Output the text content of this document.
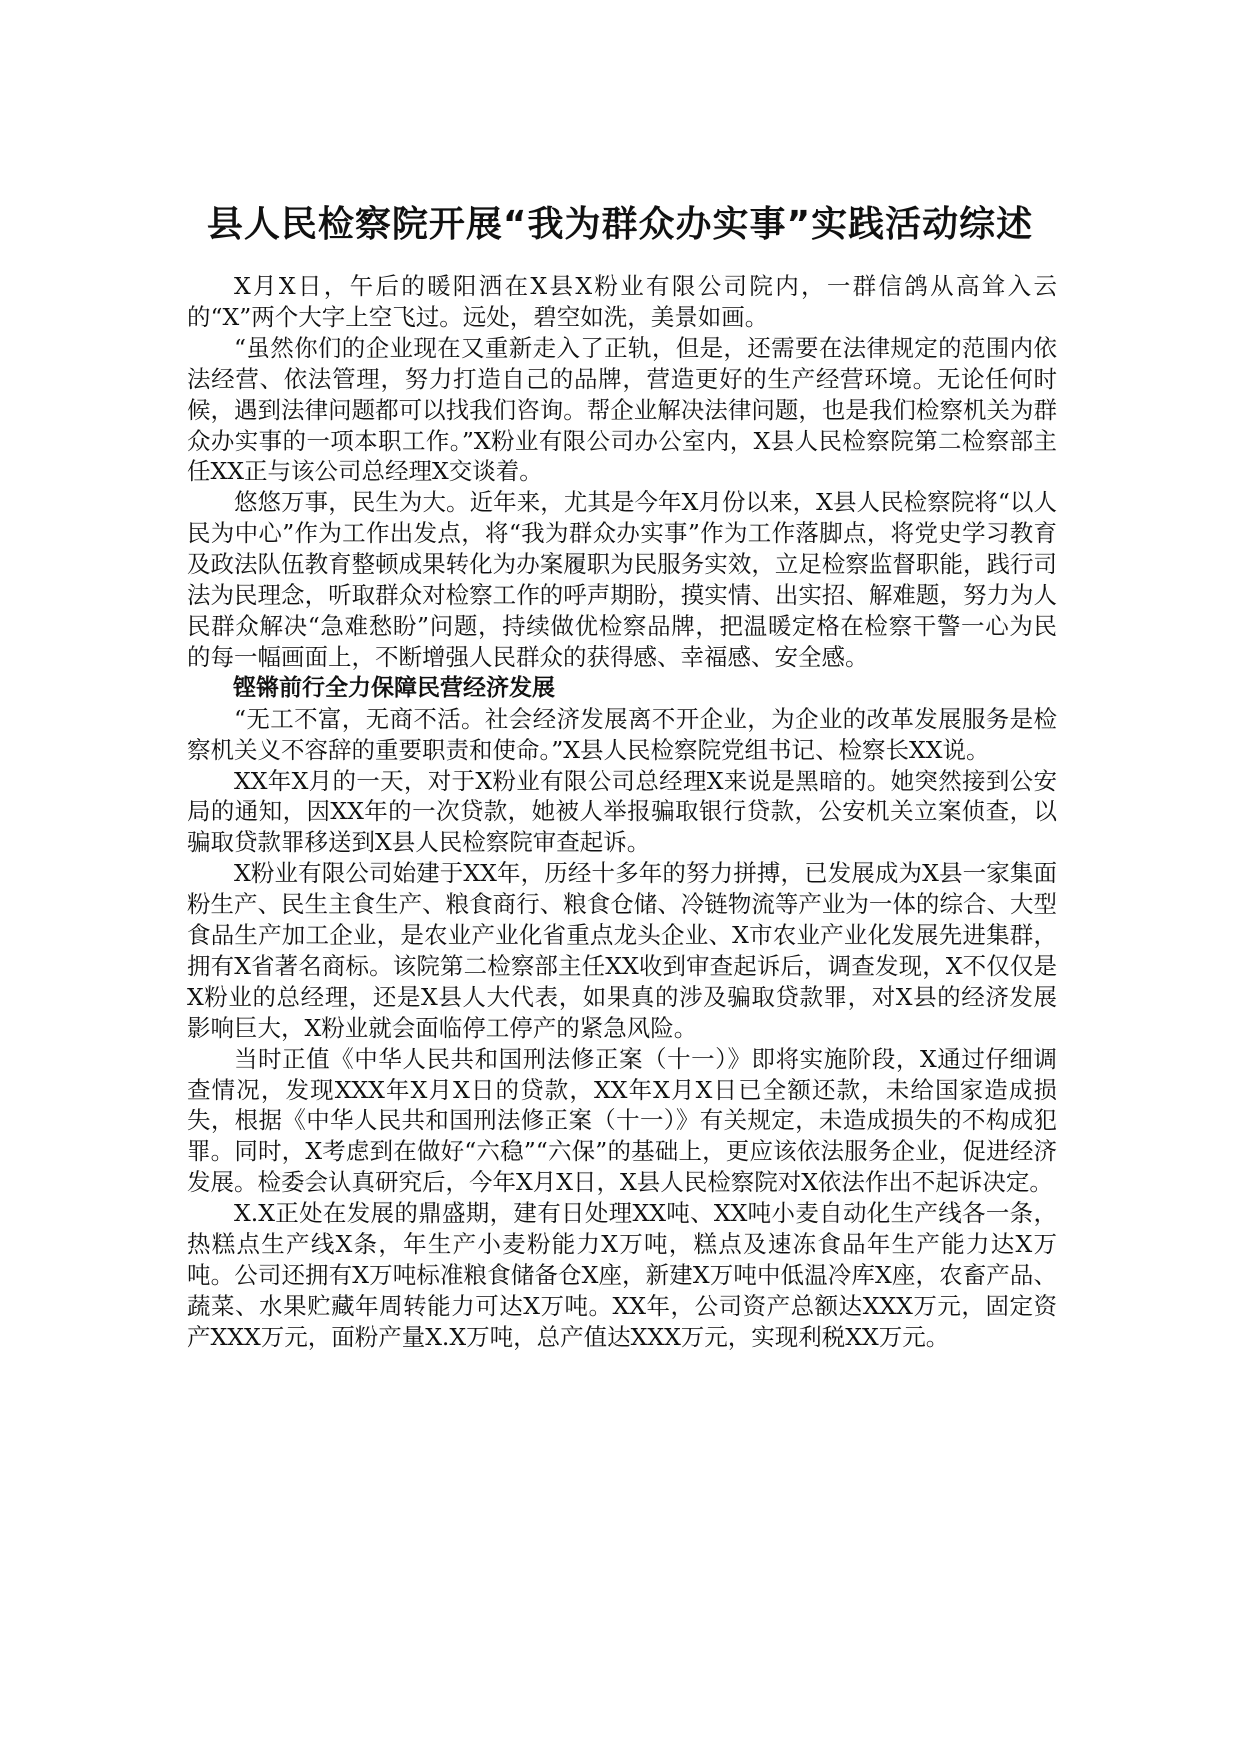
县人民检察院开展“我为群众办实事”实践活动综述

X月X日，午后的暖阳洒在X县X粉业有限公司院内，一群信鸽从高耸入云的“X”两个大字上空飞过。远处，碧空如洗，美景如画。

“虽然你们的企业现在又重新走入了正轨，但是，还需要在法律规定的范围内依法经营、依法管理，努力打造自己的品牌，营造更好的生产经营环境。无论任何时候，遇到法律问题都可以找我们咨询。帮企业解决法律问题，也是我们检察机关为群众办实事的一项本职工作。”X粉业有限公司办公室内，X县人民检察院第二检察部主任XX正与该公司总经理X交谈着。

悠悠万事，民生为大。近年来，尤其是今年X月份以来，X县人民检察院将“以人民为中心”作为工作出发点，将“我为群众办实事”作为工作落脚点，将党史学习教育及政法队伍教育整顿成果转化为办案履职为民服务实效，立足检察监督职能，践行司法为民理念，听取群众对检察工作的呼声期盼，摸实情、出实招、解难题，努力为人民群众解决“急难愁盼”问题，持续做优检察品牌，把温暖定格在检察干警一心为民的每一幅画面上，不断增强人民群众的获得感、幸福感、安全感。

铿锵前行全力保障民营经济发展

“无工不富，无商不活。社会经济发展离不开企业，为企业的改革发展服务是检察机关义不容辞的重要职责和使命。”X县人民检察院党组书记、检察长XX说。

XX年X月的一天，对于X粉业有限公司总经理X来说是黑暗的。她突然接到公安局的通知，因XX年的一次贷款，她被人举报骗取银行贷款，公安机关立案侦查，以骗取贷款罪移送到X县人民检察院审查起诉。

X粉业有限公司始建于XX年，历经十多年的努力拼搏，已发展成为X县一家集面粉生产、民生主食生产、粮食商行、粮食仓储、冷链物流等产业为一体的综合、大型食品生产加工企业，是农业产业化省重点龙头企业、X市农业产业化发展先进集群，拥有X省著名商标。该院第二检察部主任XX收到审查起诉后，调查发现，X不仅仅是X粉业的总经理，还是X县人大代表，如果真的涉及骗取贷款罪，对X县的经济发展影响巨大，X粉业就会面临停工停产的紧急风险。

当时正值《中华人民共和国刑法修正案（十一）》即将实施阶段，X通过仔细调查情况，发现XXX年X月X日的贷款，XX年X月X日已全额还款，未给国家造成损失，根据《中华人民共和国刑法修正案（十一）》有关规定，未造成损失的不构成犯罪。同时，X考虑到在做好“六稳”“六保”的基础上，更应该依法服务企业，促进经济发展。检委会认真研究后，今年X月X日，X县人民检察院对X依法作出不起诉决定。

X.X正处在发展的鼎盛期，建有日处理XX吨、XX吨小麦自动化生产线各一条，热糕点生产线X条，年生产小麦粉能力X万吨，糕点及速冻食品年生产能力达X万吨。公司还拥有X万吨标准粮食储备仓X座，新建X万吨中低温冷库X座，农畜产品、蔬菜、水果贮藏年周转能力可达X万吨。XX年，公司资产总额达XXX万元，固定资产XXX万元，面粉产量X.X万吨，总产值达XXX万元，实现利税XX万元。
